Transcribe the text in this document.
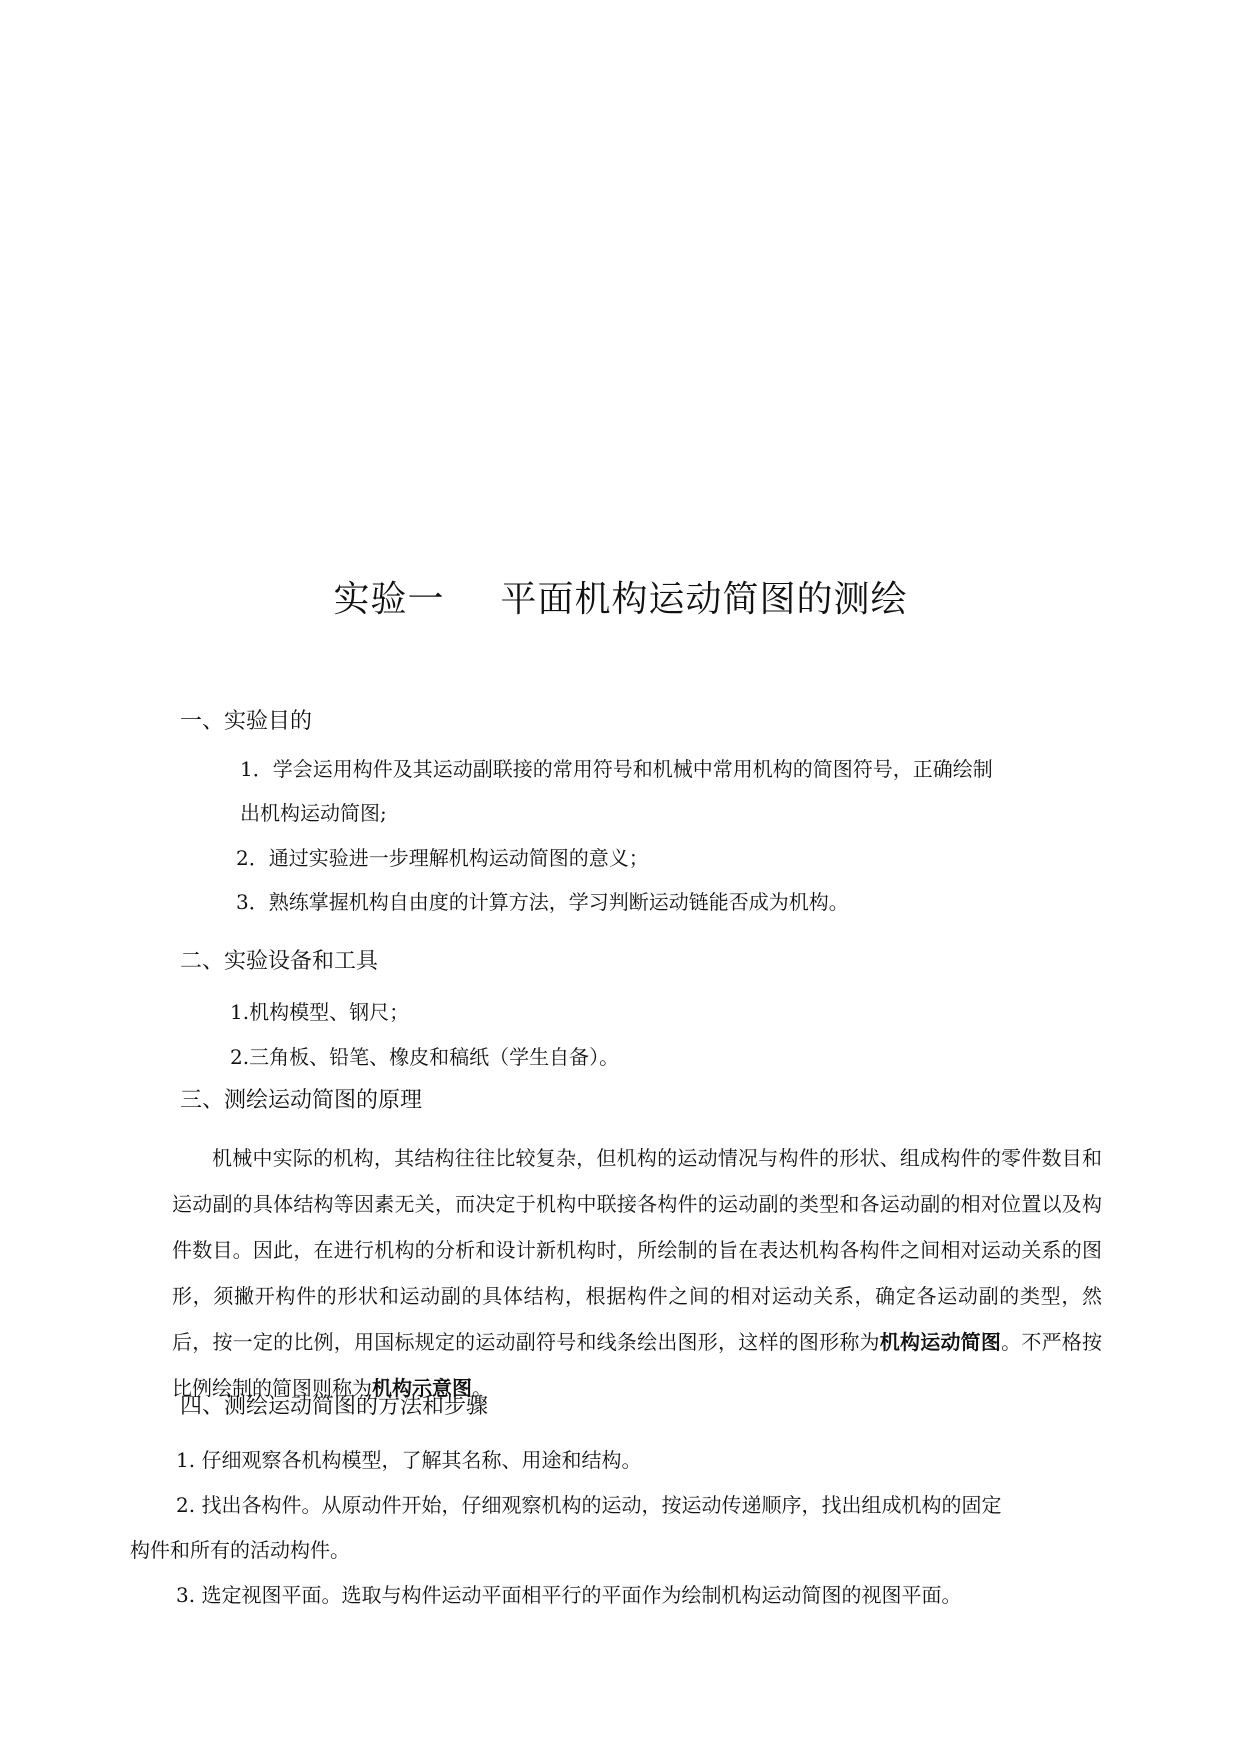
实验一 平面机构运动简图的测绘
一、实验目的
1．学会运用构件及其运动副联接的常用符号和机械中常用机构的简图符号，正确绘制
出机构运动简图;
2．通过实验进一步理解机构运动简图的意义；
3．熟练掌握机构自由度的计算方法，学习判断运动链能否成为机构。
二、实验设备和工具
1.机构模型、钢尺；
2.三角板、铅笔、橡皮和稿纸（学生自备）。
三、测绘运动简图的原理
机械中实际的机构，其结构往往比较复杂，但机构的运动情况与构件的形状、组成构件的零件数目和运动副的具体结构等因素无关，而决定于机构中联接各构件的运动副的类型和各运动副的相对位置以及构件数目。因此，在进行机构的分析和设计新机构时，所绘制的旨在表达机构各构件之间相对运动关系的图形，须撇开构件的形状和运动副的具体结构，根据构件之间的相对运动关系，确定各运动副的类型，然后，按一定的比例，用国标规定的运动副符号和线条绘出图形，这样的图形称为机构运动简图。不严格按比例绘制的简图则称为机构示意图。
四、测绘运动简图的方法和步骤
1. 仔细观察各机构模型，了解其名称、用途和结构。
2. 找出各构件。从原动件开始，仔细观察机构的运动，按运动传递顺序，找出组成机构的固定
构件和所有的活动构件。
3. 选定视图平面。选取与构件运动平面相平行的平面作为绘制机构运动简图的视图平面。
